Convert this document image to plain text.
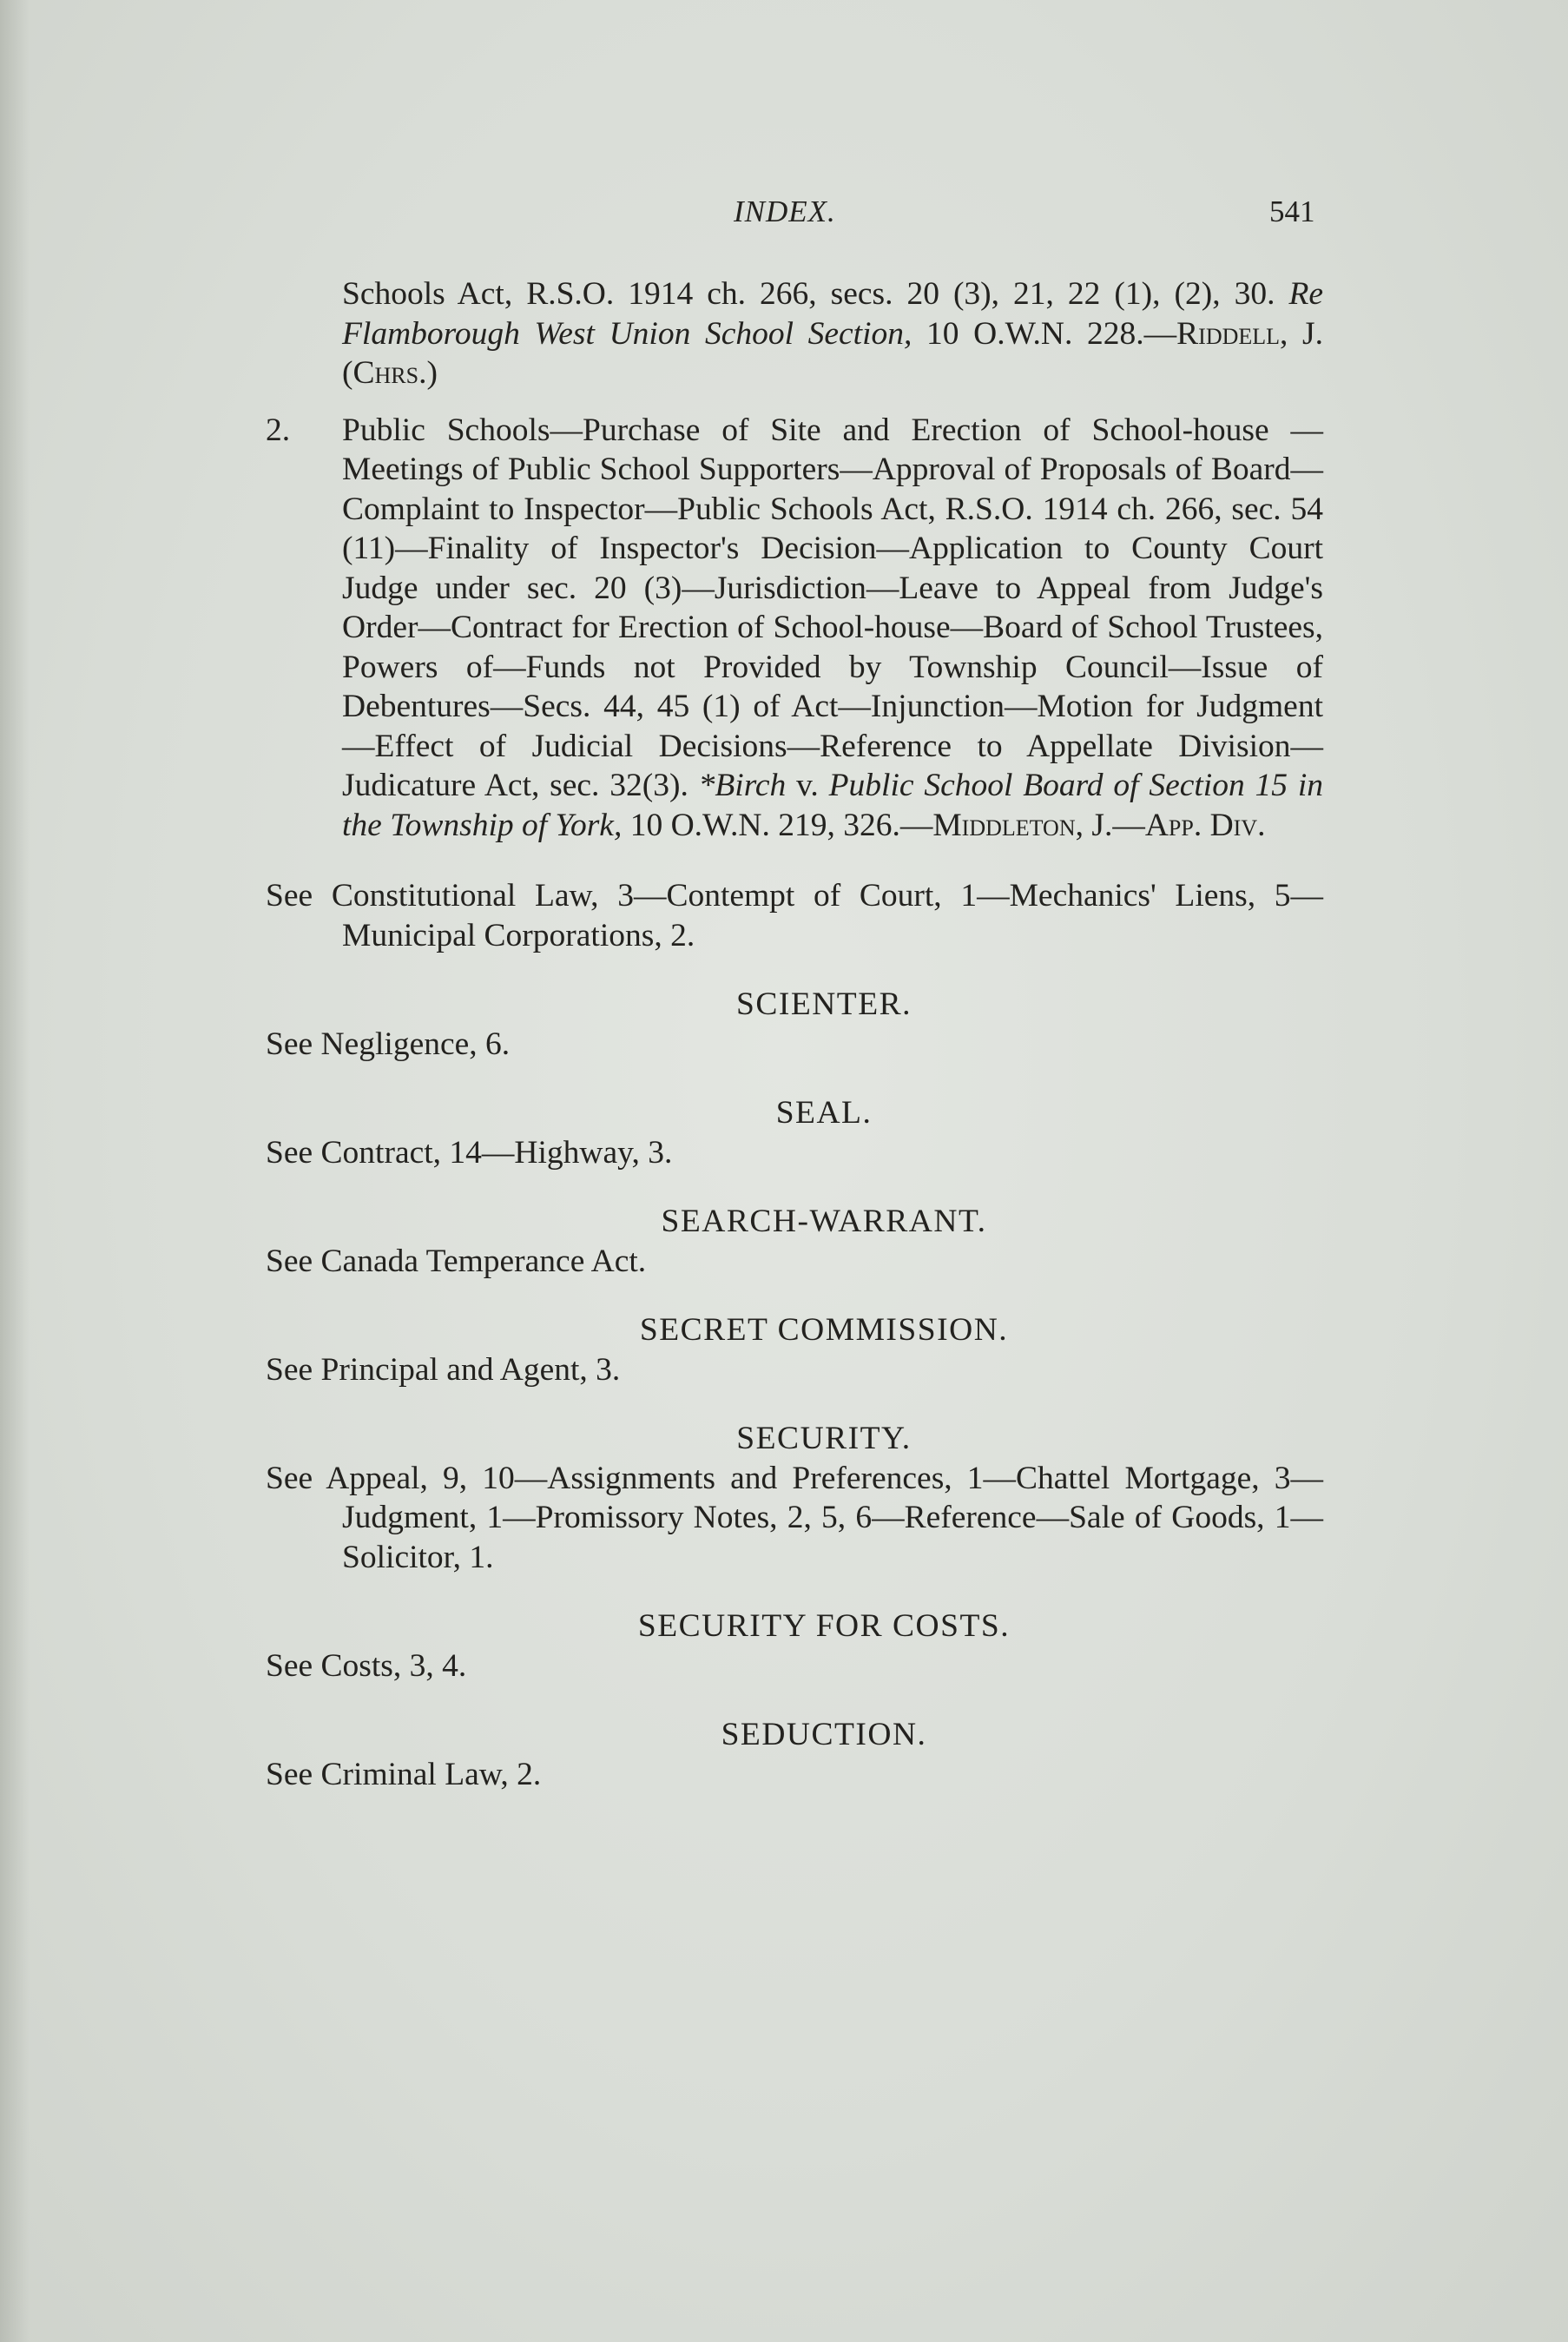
INDEX.	541

Schools Act, R.S.O. 1914 ch. 266, secs. 20 (3), 21, 22 (1), (2), 30. Re Flamborough West Union School Section, 10 O.W.N. 228.—Riddell, J. (Chrs.)

2. Public Schools—Purchase of Site and Erection of School-house —Meetings of Public School Supporters—Approval of Proposals of Board—Complaint to Inspector—Public Schools Act, R.S.O. 1914 ch. 266, sec. 54 (11)—Finality of Inspector's Decision—Application to County Court Judge under sec. 20 (3)—Jurisdiction—Leave to Appeal from Judge's Order—Contract for Erection of School-house—Board of School Trustees, Powers of—Funds not Provided by Township Council—Issue of Debentures—Secs. 44, 45 (1) of Act—Injunction—Motion for Judgment—Effect of Judicial Decisions—Reference to Appellate Division—Judicature Act, sec. 32(3). *Birch v. Public School Board of Section 15 in the Township of York, 10 O.W.N. 219, 326.—Middleton, J.—App. Div.

See Constitutional Law, 3—Contempt of Court, 1—Mechanics' Liens, 5—Municipal Corporations, 2.

SCIENTER.

See Negligence, 6.

SEAL.

See Contract, 14—Highway, 3.

SEARCH-WARRANT.

See Canada Temperance Act.

SECRET COMMISSION.

See Principal and Agent, 3.

SECURITY.

See Appeal, 9, 10—Assignments and Preferences, 1—Chattel Mortgage, 3—Judgment, 1—Promissory Notes, 2, 5, 6—Reference—Sale of Goods, 1—Solicitor, 1.

SECURITY FOR COSTS.

See Costs, 3, 4.

SEDUCTION.

See Criminal Law, 2.
